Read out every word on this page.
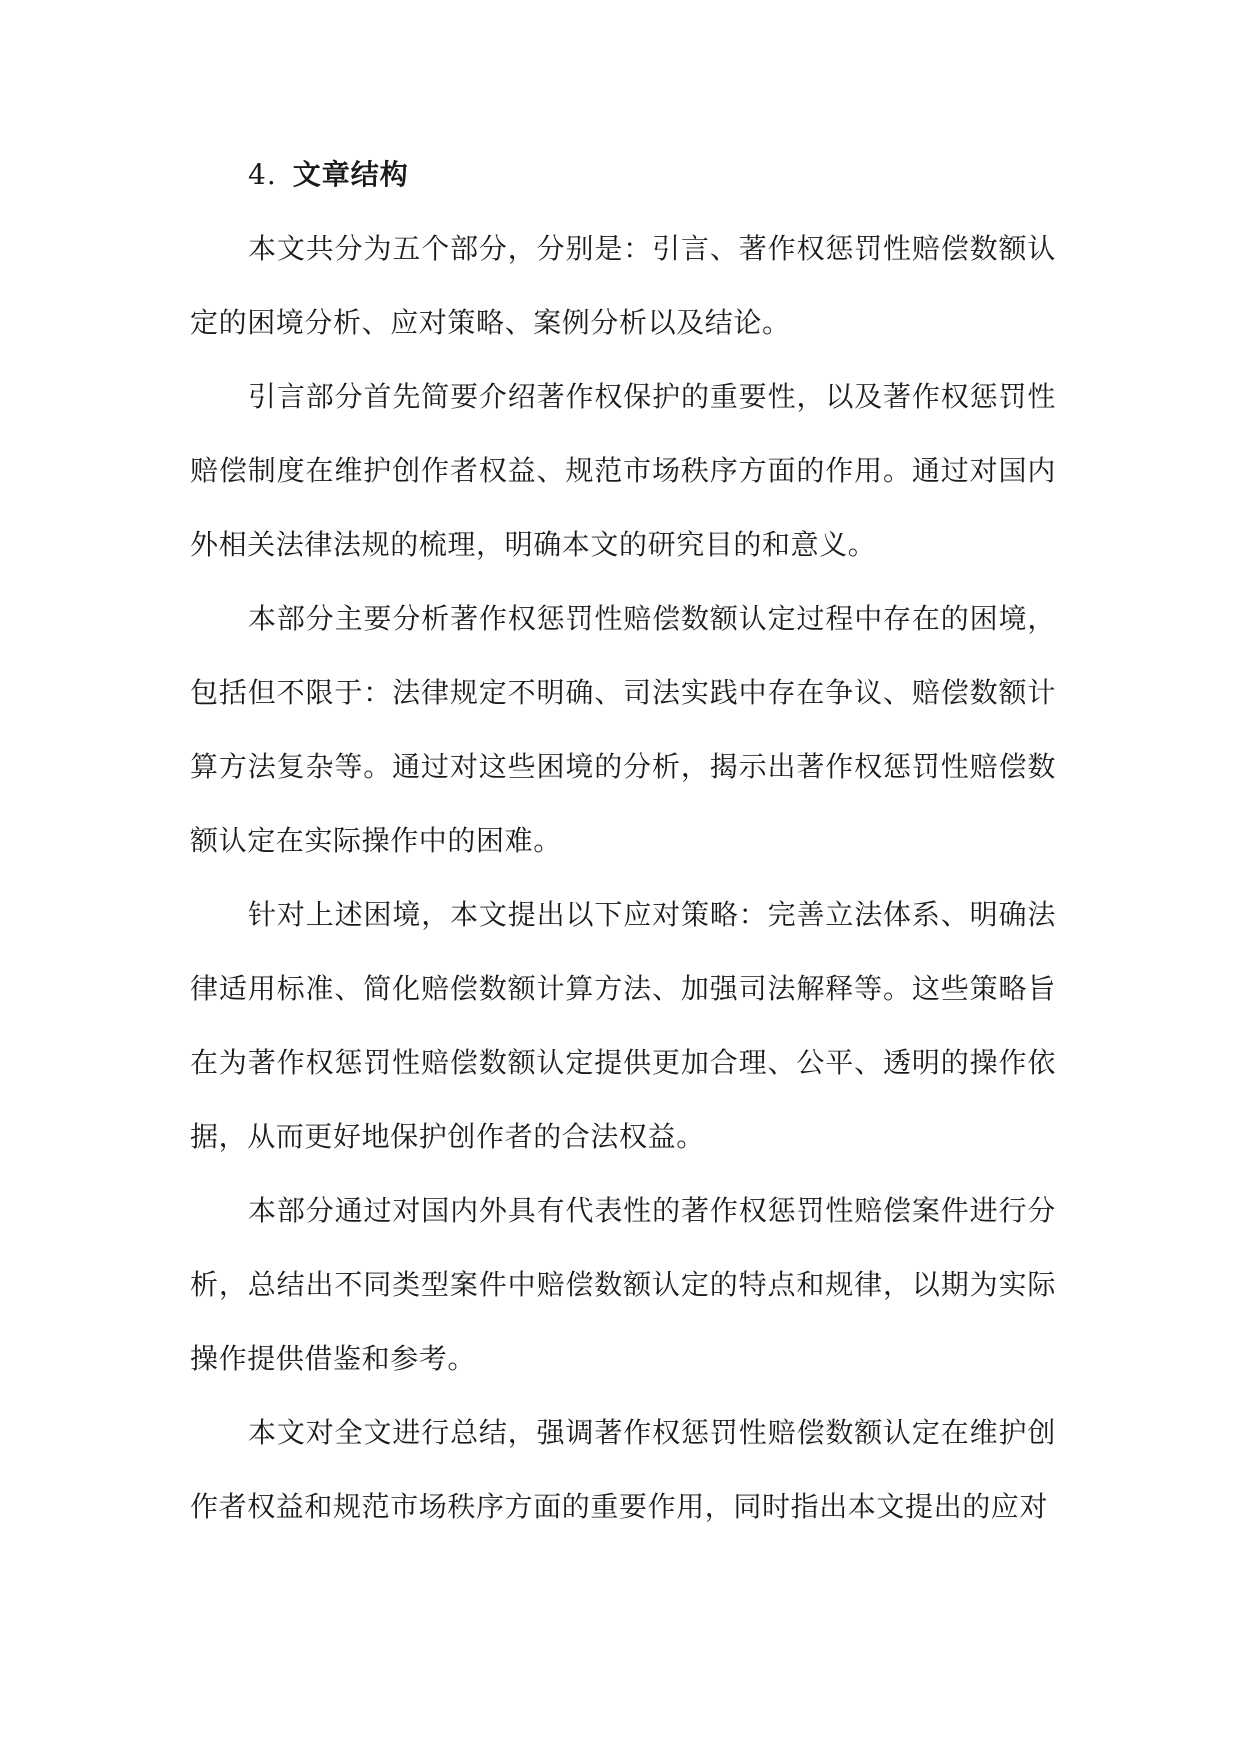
4. 文章结构

本文共分为五个部分，分别是：引言、著作权惩罚性赔偿数额认定的困境分析、应对策略、案例分析以及结论。

引言部分首先简要介绍著作权保护的重要性，以及著作权惩罚性赔偿制度在维护创作者权益、规范市场秩序方面的作用。通过对国内外相关法律法规的梳理，明确本文的研究目的和意义。

本部分主要分析著作权惩罚性赔偿数额认定过程中存在的困境，包括但不限于：法律规定不明确、司法实践中存在争议、赔偿数额计算方法复杂等。通过对这些困境的分析，揭示出著作权惩罚性赔偿数额认定在实际操作中的困难。

针对上述困境，本文提出以下应对策略：完善立法体系、明确法律适用标准、简化赔偿数额计算方法、加强司法解释等。这些策略旨在为著作权惩罚性赔偿数额认定提供更加合理、公平、透明的操作依据，从而更好地保护创作者的合法权益。

本部分通过对国内外具有代表性的著作权惩罚性赔偿案件进行分析，总结出不同类型案件中赔偿数额认定的特点和规律，以期为实际操作提供借鉴和参考。

本文对全文进行总结，强调著作权惩罚性赔偿数额认定在维护创作者权益和规范市场秩序方面的重要作用，同时指出本文提出的应对
